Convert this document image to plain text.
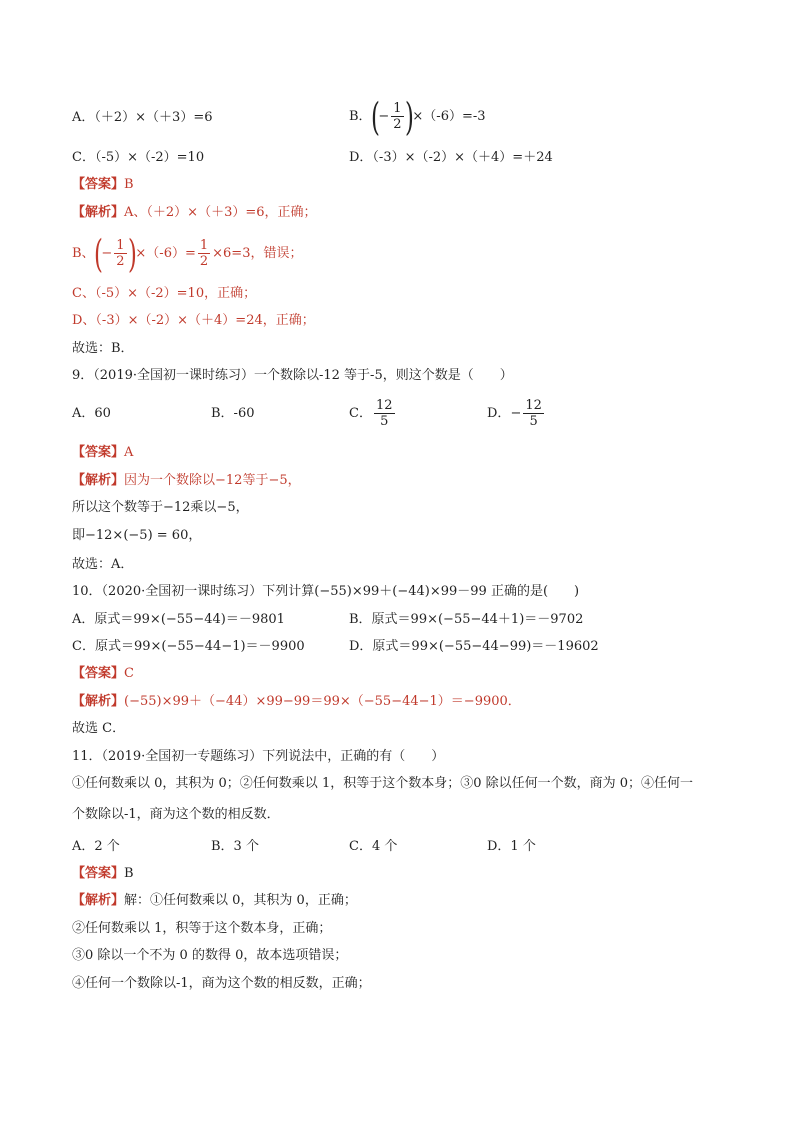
A．（＋2）×（＋3）=6	B．(− $\frac{1}{2} )\times(-6)=-3$
C．（-5）×（-2）=10	D．（-3）×（-2）×（＋4）=＋24
【答案】B
【解析】A、（＋2）×（＋3）=6，正确；
B、(− $\frac{1}{2} )\times(-6)= \frac{1}{2} \times 6=3$，错误；
C、（-5）×（-2）=10，正确；
D、（-3）×（-2）×（＋4）=24，正确；
故选：B．
9．（2019·全国初一课时练习）一个数除以-12 等于-5，则这个数是（　　）
A．60	B．-60	C． $\frac{12}{5}$	D．− $\frac{12}{5}$
【答案】A
【解析】因为一个数除以−12等于−5，
所以这个数等于−12乘以−5，
即−12×(−5) = 60，
故选：A．
10．（2020·全国初一课时练习）下列计算(−55)×99＋(−44)×99－99 正确的是(　　)
A．原式＝99×(−55−44)＝－9801	B．原式＝99×(−55−44＋1)＝－9702
C．原式＝99×(−55−44−1)＝－9900	D．原式＝99×(−55−44−99)＝－19602
【答案】C
【解析】(−55)×99＋（−44）×99−99＝99×（−55−44−1）＝−9900．
故选 C．
11．（2019·全国初一专题练习）下列说法中，正确的有（　　）
①任何数乘以 0，其积为 0；②任何数乘以 1，积等于这个数本身；③0 除以任何一个数，商为 0；④任何一
个数除以-1，商为这个数的相反数．
A．2 个	B．3 个	C．4 个	D．1 个
【答案】B
【解析】解：①任何数乘以 0，其积为 0，正确；
②任何数乘以 1，积等于这个数本身，正确；
③0 除以一个不为 0 的数得 0，故本选项错误；
④任何一个数除以-1，商为这个数的相反数，正确；
